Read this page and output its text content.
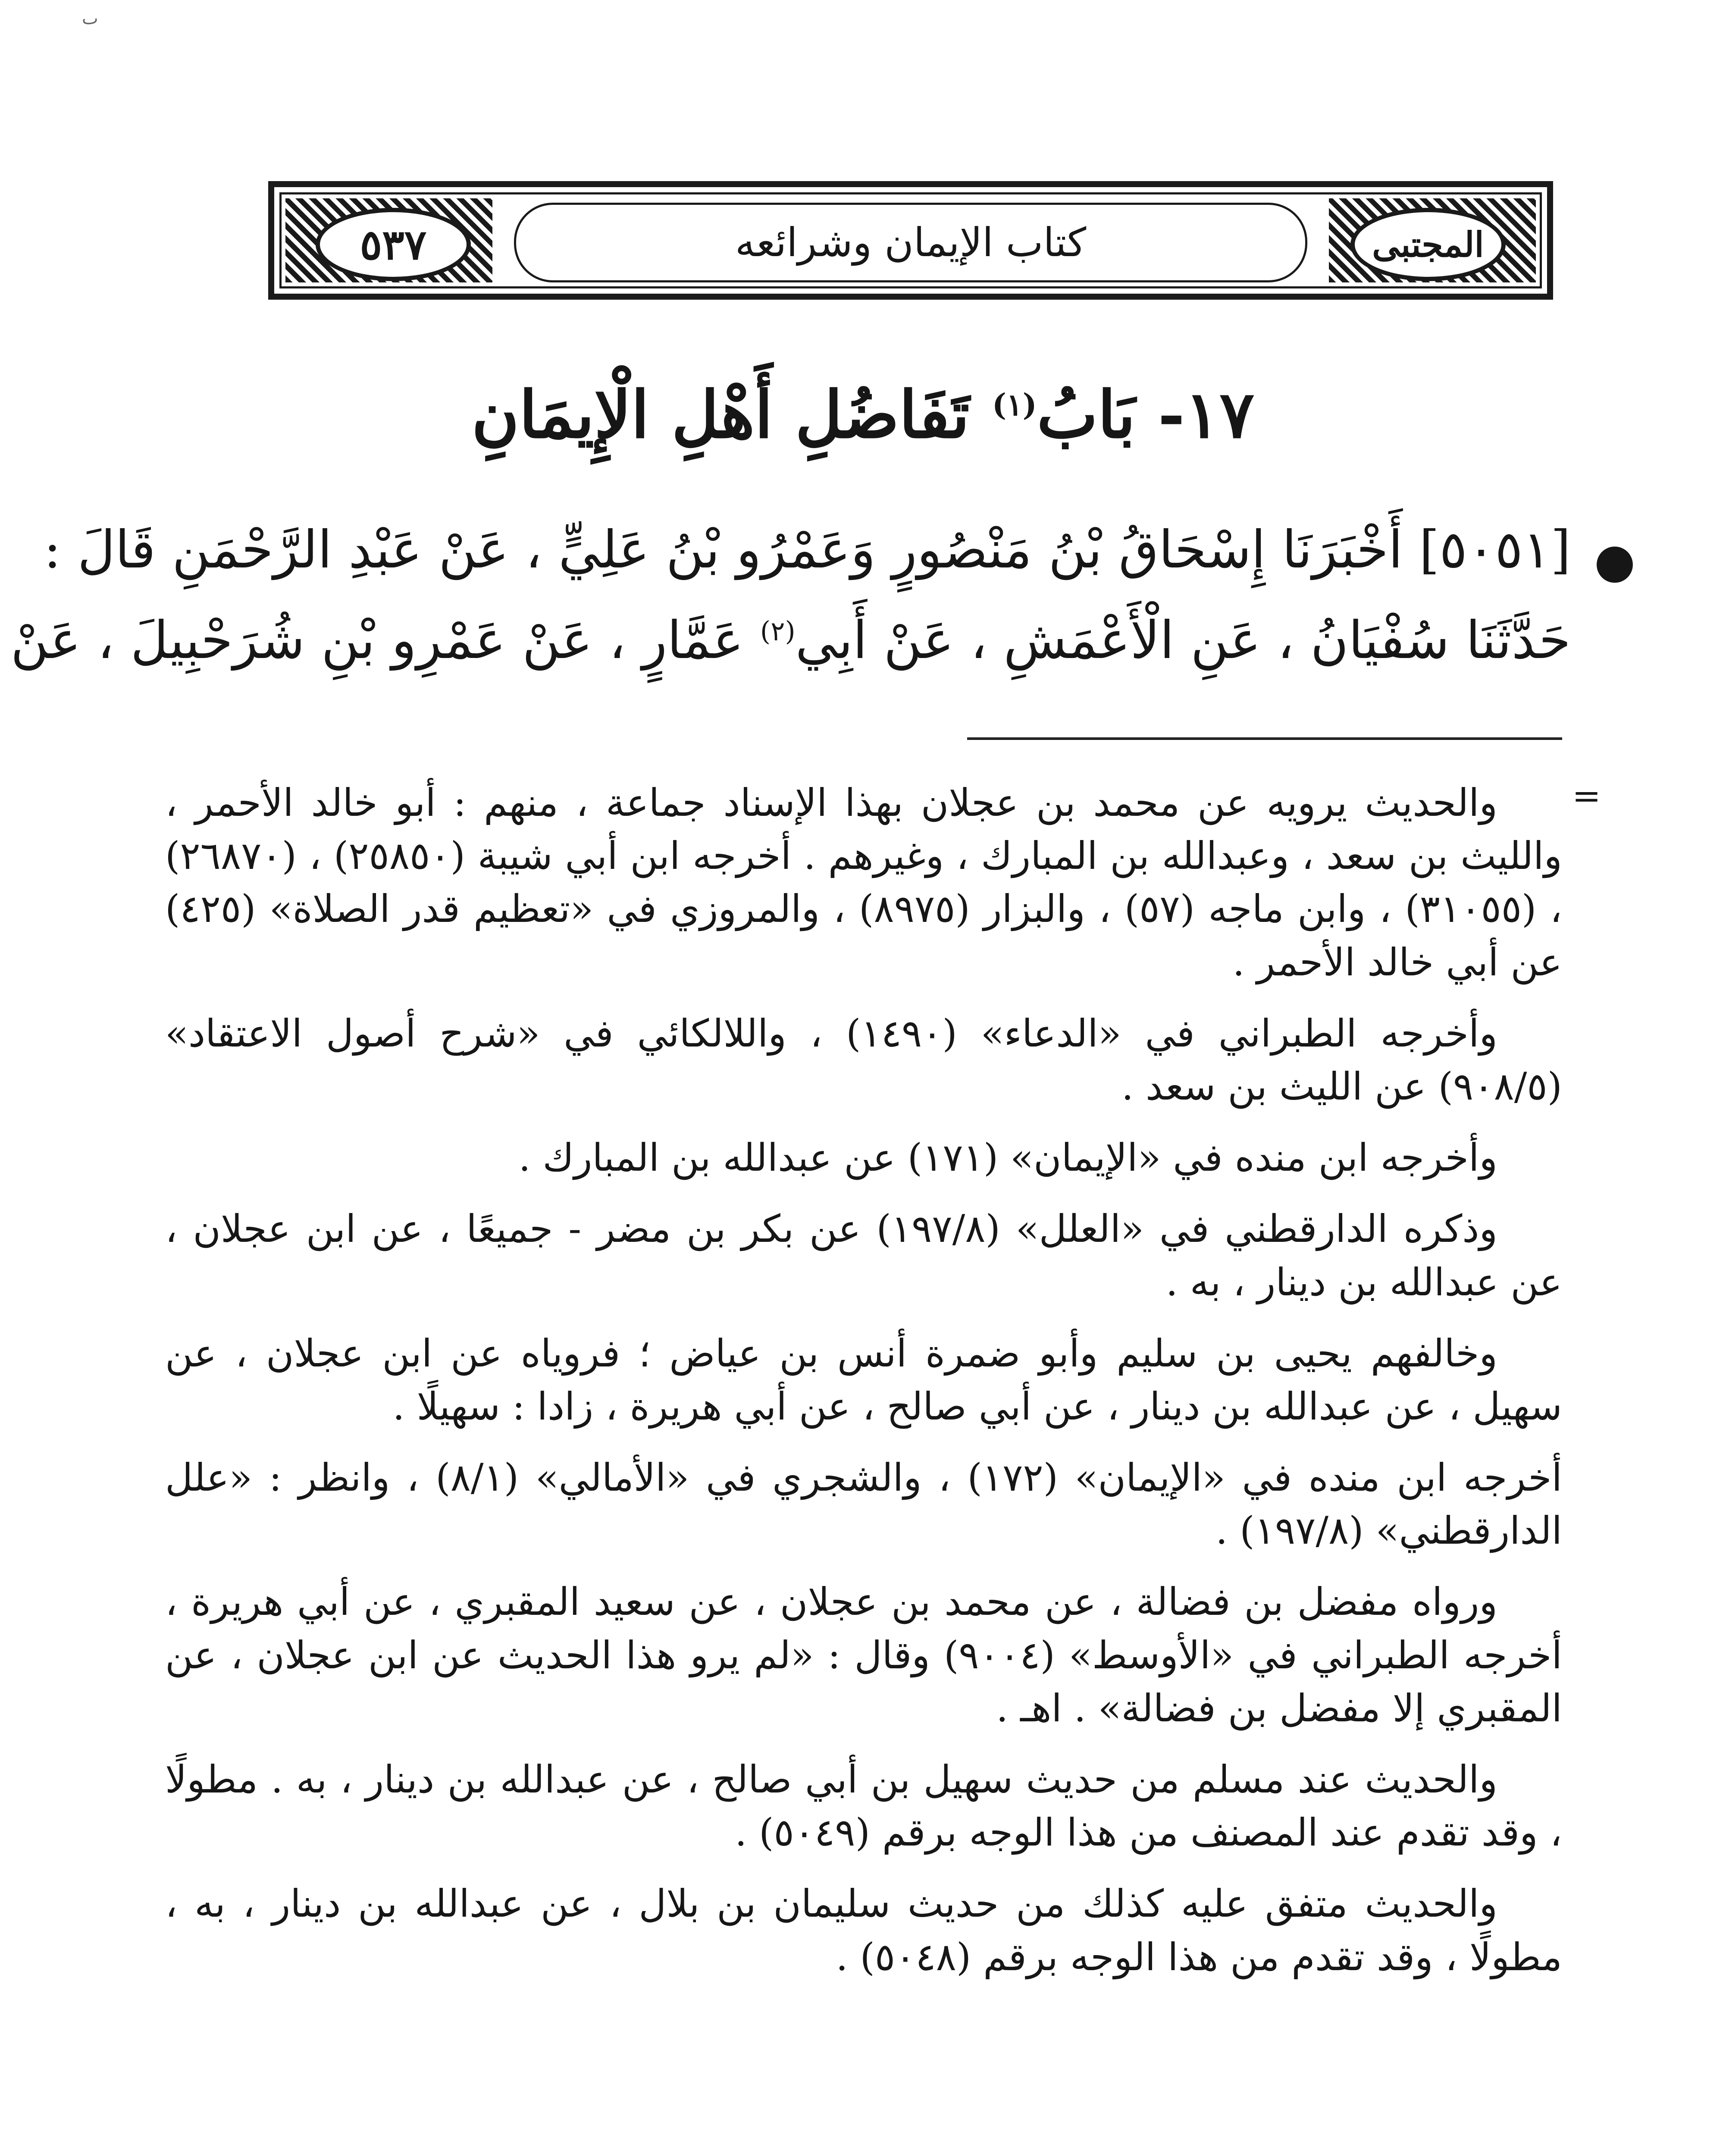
ٮ
المجتبى
٥٣٧	كتاب الإيمان وشرائعه
١٧- بَابُ$^{(١)}$ تَفَاضُلِ أَهْلِ الْإِيمَانِ
●
[٥٠٥١] أَخْبَرَنَا إِسْحَاقُ بْنُ مَنْصُورٍ وَعَمْرُو بْنُ عَلِيٍّ ، عَنْ عَبْدِ الرَّحْمَنِ قَالَ :
حَدَّثَنَا سُفْيَانُ ، عَنِ الْأَعْمَشِ ، عَنْ أَبِي$^{(٢)}$ عَمَّارٍ ، عَنْ عَمْرِو بْنِ شُرَحْبِيلَ ، عَنْ
=

والحديث يرويه عن محمد بن عجلان بهذا الإسناد جماعة ، منهم : أبو خالد الأحمر ، والليث بن سعد ، وعبدالله بن المبارك ، وغيرهم . أخرجه ابن أبي شيبة (٢٥٨٥٠) ، (٢٦٨٧٠) ، (٣١٠٥٥) ، وابن ماجه (٥٧) ، والبزار (٨٩٧٥) ، والمروزي في «تعظيم قدر الصلاة» (٤٢٥) عن أبي خالد الأحمر .

وأخرجه الطبراني في «الدعاء» (١٤٩٠) ، واللالكائي في «شرح أصول الاعتقاد» (٩٠٨/٥) عن الليث بن سعد .

وأخرجه ابن منده في «الإيمان» (١٧١) عن عبدالله بن المبارك .

وذكره الدارقطني في «العلل» (١٩٧/٨) عن بكر بن مضر - جميعًا ، عن ابن عجلان ، عن عبدالله بن دينار ، به .

وخالفهم يحيى بن سليم وأبو ضمرة أنس بن عياض ؛ فروياه عن ابن عجلان ، عن سهيل ، عن عبدالله بن دينار ، عن أبي صالح ، عن أبي هريرة ، زادا : سهيلًا .

أخرجه ابن منده في «الإيمان» (١٧٢) ، والشجري في «الأمالي» (٨/١) ، وانظر : «علل الدارقطني» (١٩٧/٨) .

ورواه مفضل بن فضالة ، عن محمد بن عجلان ، عن سعيد المقبري ، عن أبي هريرة ، أخرجه الطبراني في «الأوسط» (٩٠٠٤) وقال : «لم يرو هذا الحديث عن ابن عجلان ، عن المقبري إلا مفضل بن فضالة» . اهـ .

والحديث عند مسلم من حديث سهيل بن أبي صالح ، عن عبدالله بن دينار ، به . مطولًا ، وقد تقدم عند المصنف من هذا الوجه برقم (٥٠٤٩) .

والحديث متفق عليه كذلك من حديث سليمان بن بلال ، عن عبدالله بن دينار ، به ، مطولًا ، وقد تقدم من هذا الوجه برقم (٥٠٤٨) .
